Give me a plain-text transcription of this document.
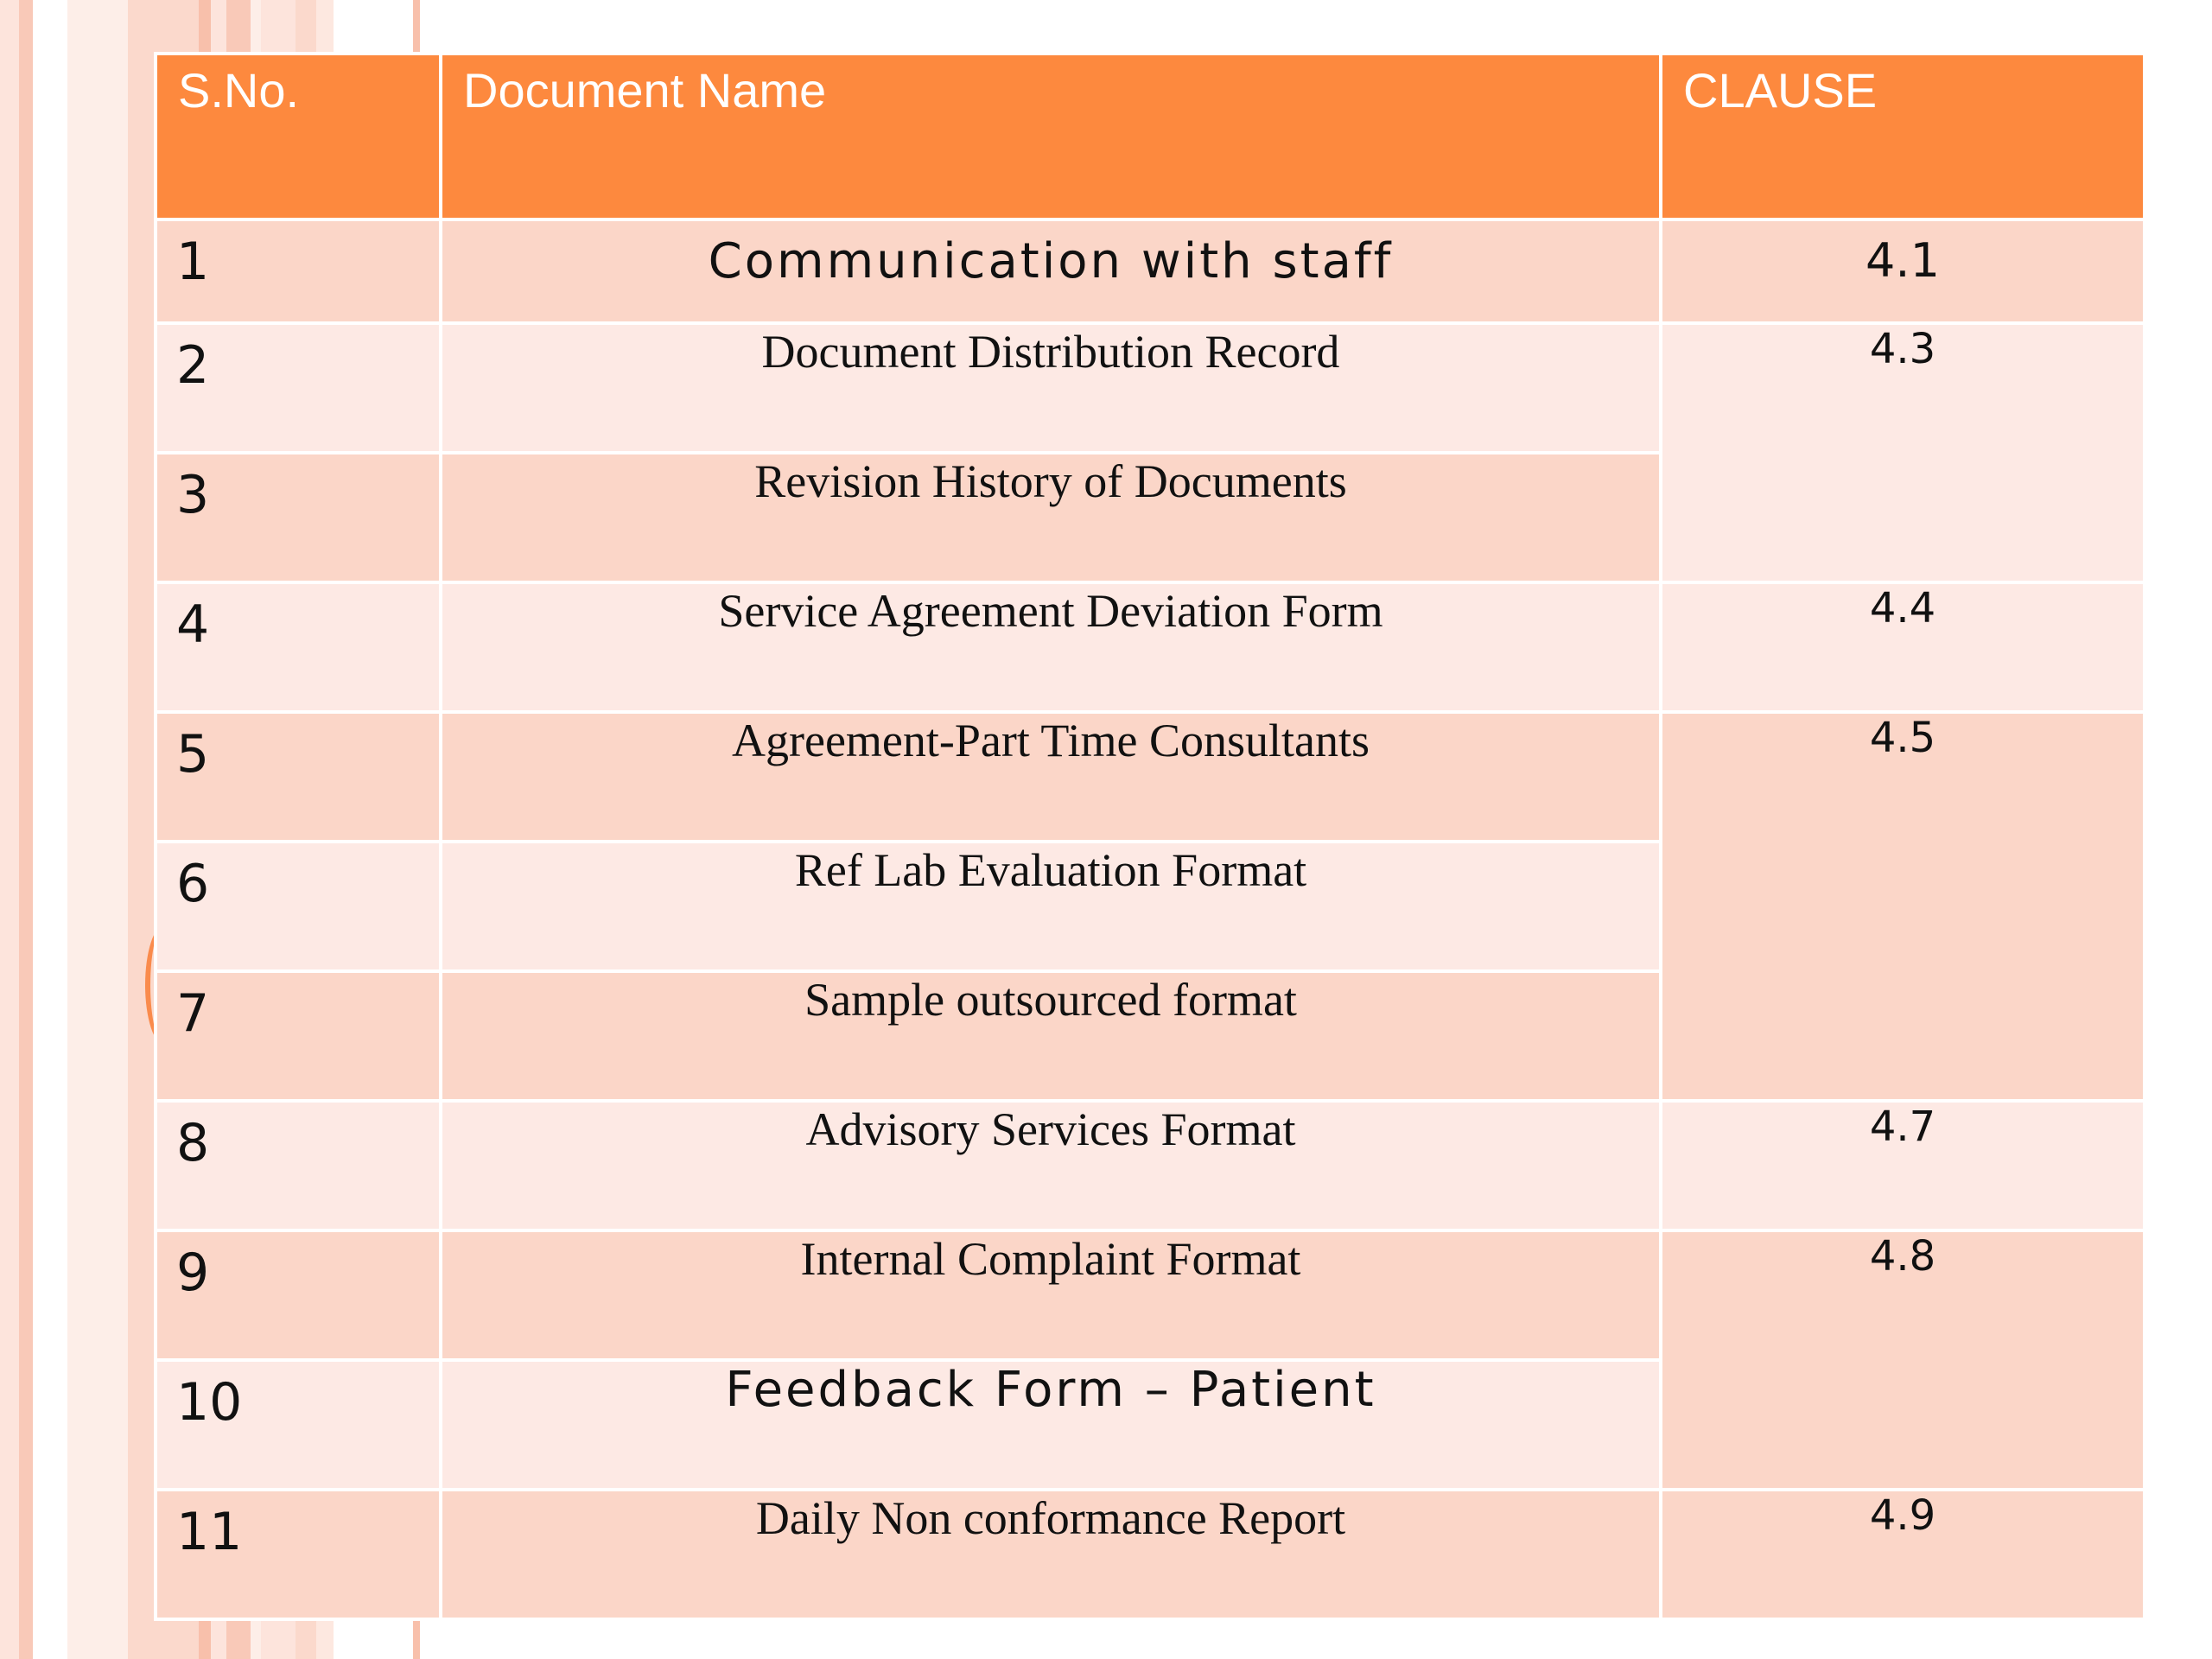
S.No.	Document Name	CLAUSE
1	Communication with staff	4.1
2	Document Distribution Record	4.3
3	Revision History of Documents	
4	Service Agreement Deviation Form	4.4
5	Agreement-Part Time Consultants	4.5
6	Ref Lab Evaluation Format	
7	Sample outsourced format	
8	Advisory Services Format	4.7
9	Internal Complaint Format	4.8
10	Feedback Form – Patient	
11	Daily Non conformance Report	4.9
